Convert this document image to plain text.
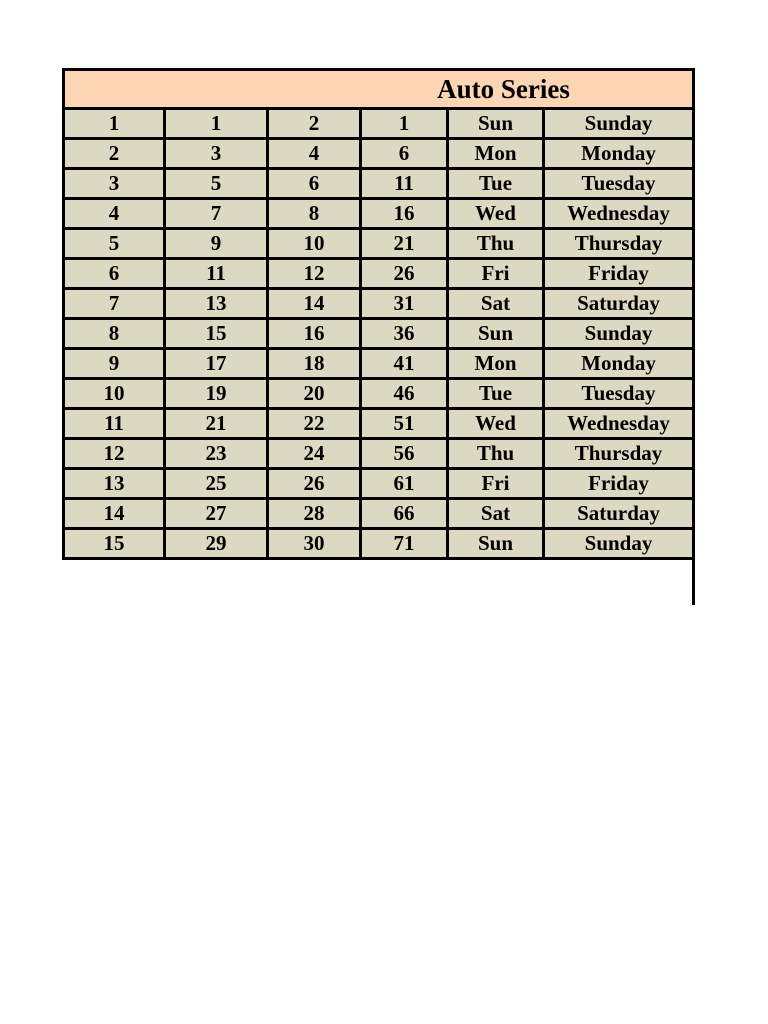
Auto Series						
1	1	2	1	Sun	Sunday	
2	3	4	6	Mon	Monday	
3	5	6	11	Tue	Tuesday	
4	7	8	16	Wed	Wednesday	
5	9	10	21	Thu	Thursday	
6	11	12	26	Fri	Friday	
7	13	14	31	Sat	Saturday	
8	15	16	36	Sun	Sunday	
9	17	18	41	Mon	Monday	
10	19	20	46	Tue	Tuesday	
11	21	22	51	Wed	Wednesday	
12	23	24	56	Thu	Thursday	
13	25	26	61	Fri	Friday	
14	27	28	66	Sat	Saturday	
15	29	30	71	Sun	Sunday	
